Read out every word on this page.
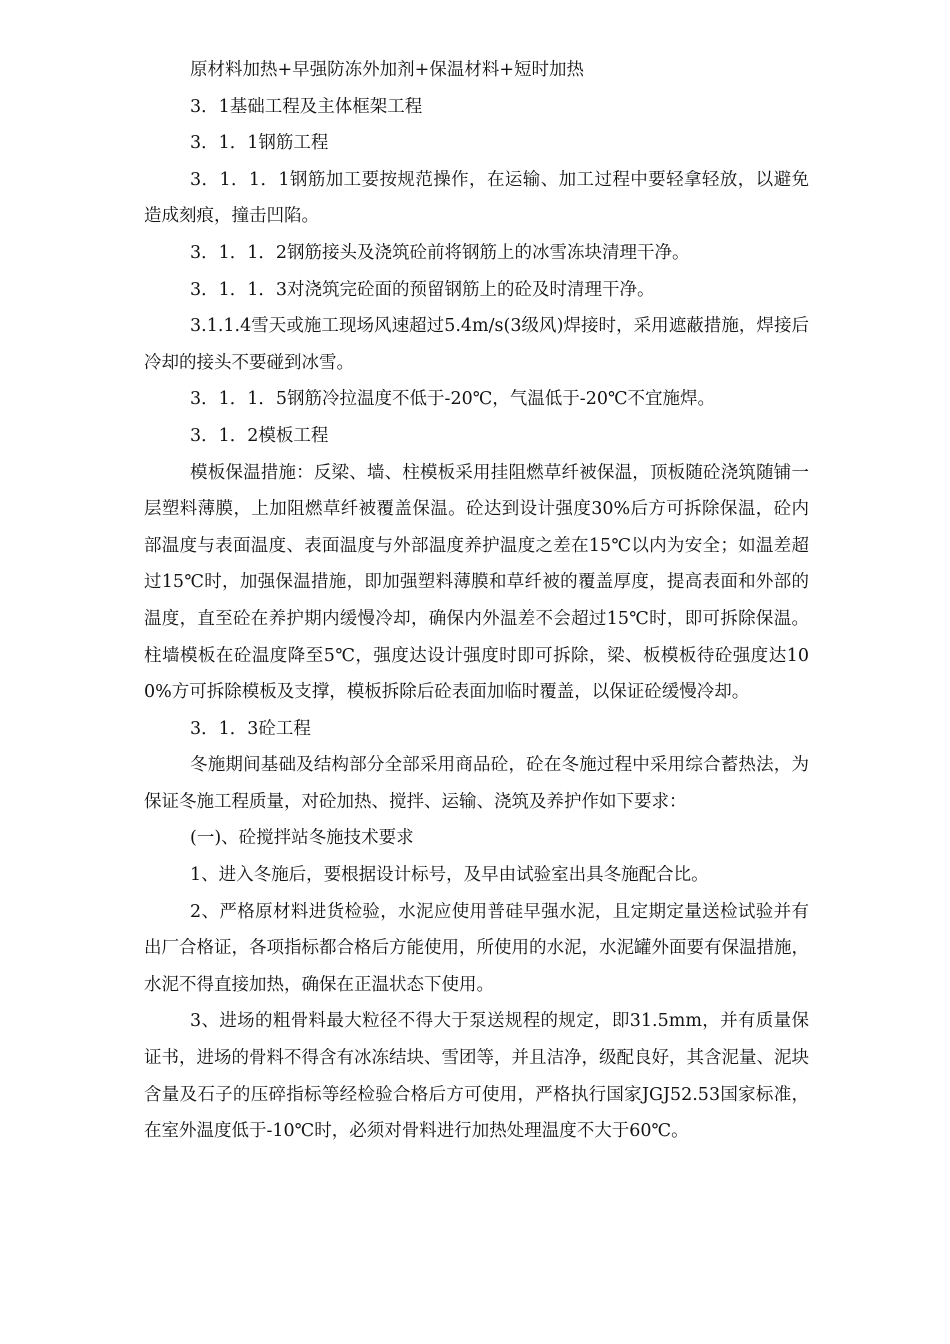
原材料加热+早强防冻外加剂+保温材料+短时加热

3．1基础工程及主体框架工程

3．1．1钢筋工程

3．1．1．1钢筋加工要按规范操作，在运输、加工过程中要轻拿轻放，以避免造成刻痕，撞击凹陷。

3．1．1．2钢筋接头及浇筑砼前将钢筋上的冰雪冻块清理干净。

3．1．1．3对浇筑完砼面的预留钢筋上的砼及时清理干净。

3.1.1.4雪天或施工现场风速超过5.4m/s(3级风)焊接时，采用遮蔽措施，焊接后冷却的接头不要碰到冰雪。

3．1．1．5钢筋冷拉温度不低于-20℃，气温低于-20℃不宜施焊。

3．1．2模板工程

模板保温措施：反梁、墙、柱模板采用挂阻燃草纤被保温，顶板随砼浇筑随铺一层塑料薄膜，上加阻燃草纤被覆盖保温。砼达到设计强度30%后方可拆除保温，砼内部温度与表面温度、表面温度与外部温度养护温度之差在15℃以内为安全；如温差超过15℃时，加强保温措施，即加强塑料薄膜和草纤被的覆盖厚度，提高表面和外部的温度，直至砼在养护期内缓慢冷却，确保内外温差不会超过15℃时，即可拆除保温。柱墙模板在砼温度降至5℃，强度达设计强度时即可拆除，梁、板模板待砼强度达100%方可拆除模板及支撑，模板拆除后砼表面加临时覆盖，以保证砼缓慢冷却。

3．1．3砼工程

冬施期间基础及结构部分全部采用商品砼，砼在冬施过程中采用综合蓄热法，为保证冬施工程质量，对砼加热、搅拌、运输、浇筑及养护作如下要求：

(一)、砼搅拌站冬施技术要求

1、进入冬施后，要根据设计标号，及早由试验室出具冬施配合比。

2、严格原材料进货检验，水泥应使用普硅早强水泥，且定期定量送检试验并有出厂合格证，各项指标都合格后方能使用，所使用的水泥，水泥罐外面要有保温措施，水泥不得直接加热，确保在正温状态下使用。

3、进场的粗骨料最大粒径不得大于泵送规程的规定，即31.5mm，并有质量保证书，进场的骨料不得含有冰冻结块、雪团等，并且洁净，级配良好，其含泥量、泥块含量及石子的压碎指标等经检验合格后方可使用，严格执行国家JGJ52.53国家标准，在室外温度低于-10℃时，必须对骨料进行加热处理温度不大于60℃。
